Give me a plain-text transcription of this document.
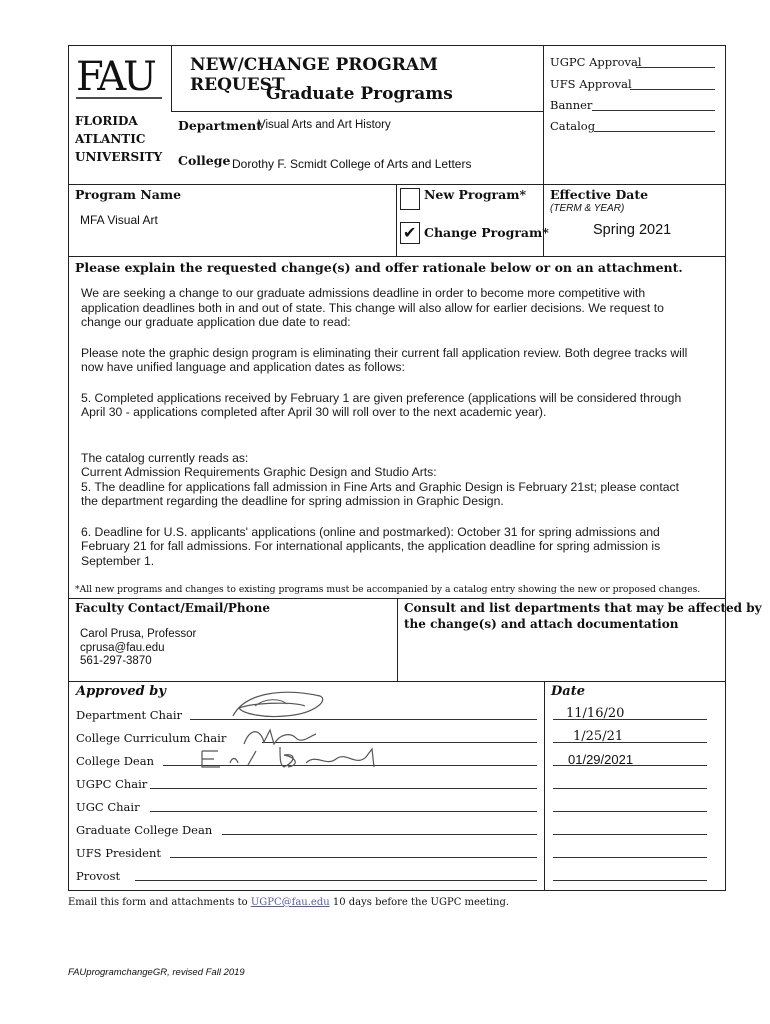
FAU
FLORIDA
ATLANTIC
UNIVERSITY
NEW/CHANGE PROGRAM REQUEST
Graduate Programs
Department
Visual Arts and Art History
College Dorothy F. Scmidt College of Arts and Letters
UGPC Approval
UFS Approval
Banner
Catalog
Program Name
MFA Visual Art
New Program*
✔ Change Program*
Effective Date
(TERM & YEAR)
Spring 2021
Please explain the requested change(s) and offer rationale below or on an attachment.

We are seeking a change to our graduate admissions deadline in order to become more competitive with
application deadlines both in and out of state. This change will also allow for earlier decisions. We request to
change our graduate application due date to read:

Please note the graphic design program is eliminating their current fall application review. Both degree tracks will
now have unified language and application dates as follows:

5. Completed applications received by February 1 are given preference (applications will be considered through
April 30 - applications completed after April 30 will roll over to the next academic year).

The catalog currently reads as:
Current Admission Requirements Graphic Design and Studio Arts:
5. The deadline for applications fall admission in Fine Arts and Graphic Design is February 21st; please contact
the department regarding the deadline for spring admission in Graphic Design.

6. Deadline for U.S. applicants' applications (online and postmarked): October 31 for spring admissions and
February 21 for fall admissions. For international applicants, the application deadline for spring admission is
September 1.

*All new programs and changes to existing programs must be accompanied by a catalog entry showing the new or proposed changes.
Faculty Contact/Email/Phone
Carol Prusa, Professor
cprusa@fau.edu
561-297-3870
Consult and list departments that may be affected by
the change(s) and attach documentation
Approved by	Date
Department Chair	11/16/20
College Curriculum Chair	1/25/21
College Dean	01/29/2021
UGPC Chair
UGC Chair
Graduate College Dean
UFS President
Provost
Email this form and attachments to UGPC@fau.edu 10 days before the UGPC meeting.
FAUprogramchangeGR, revised Fall 2019
